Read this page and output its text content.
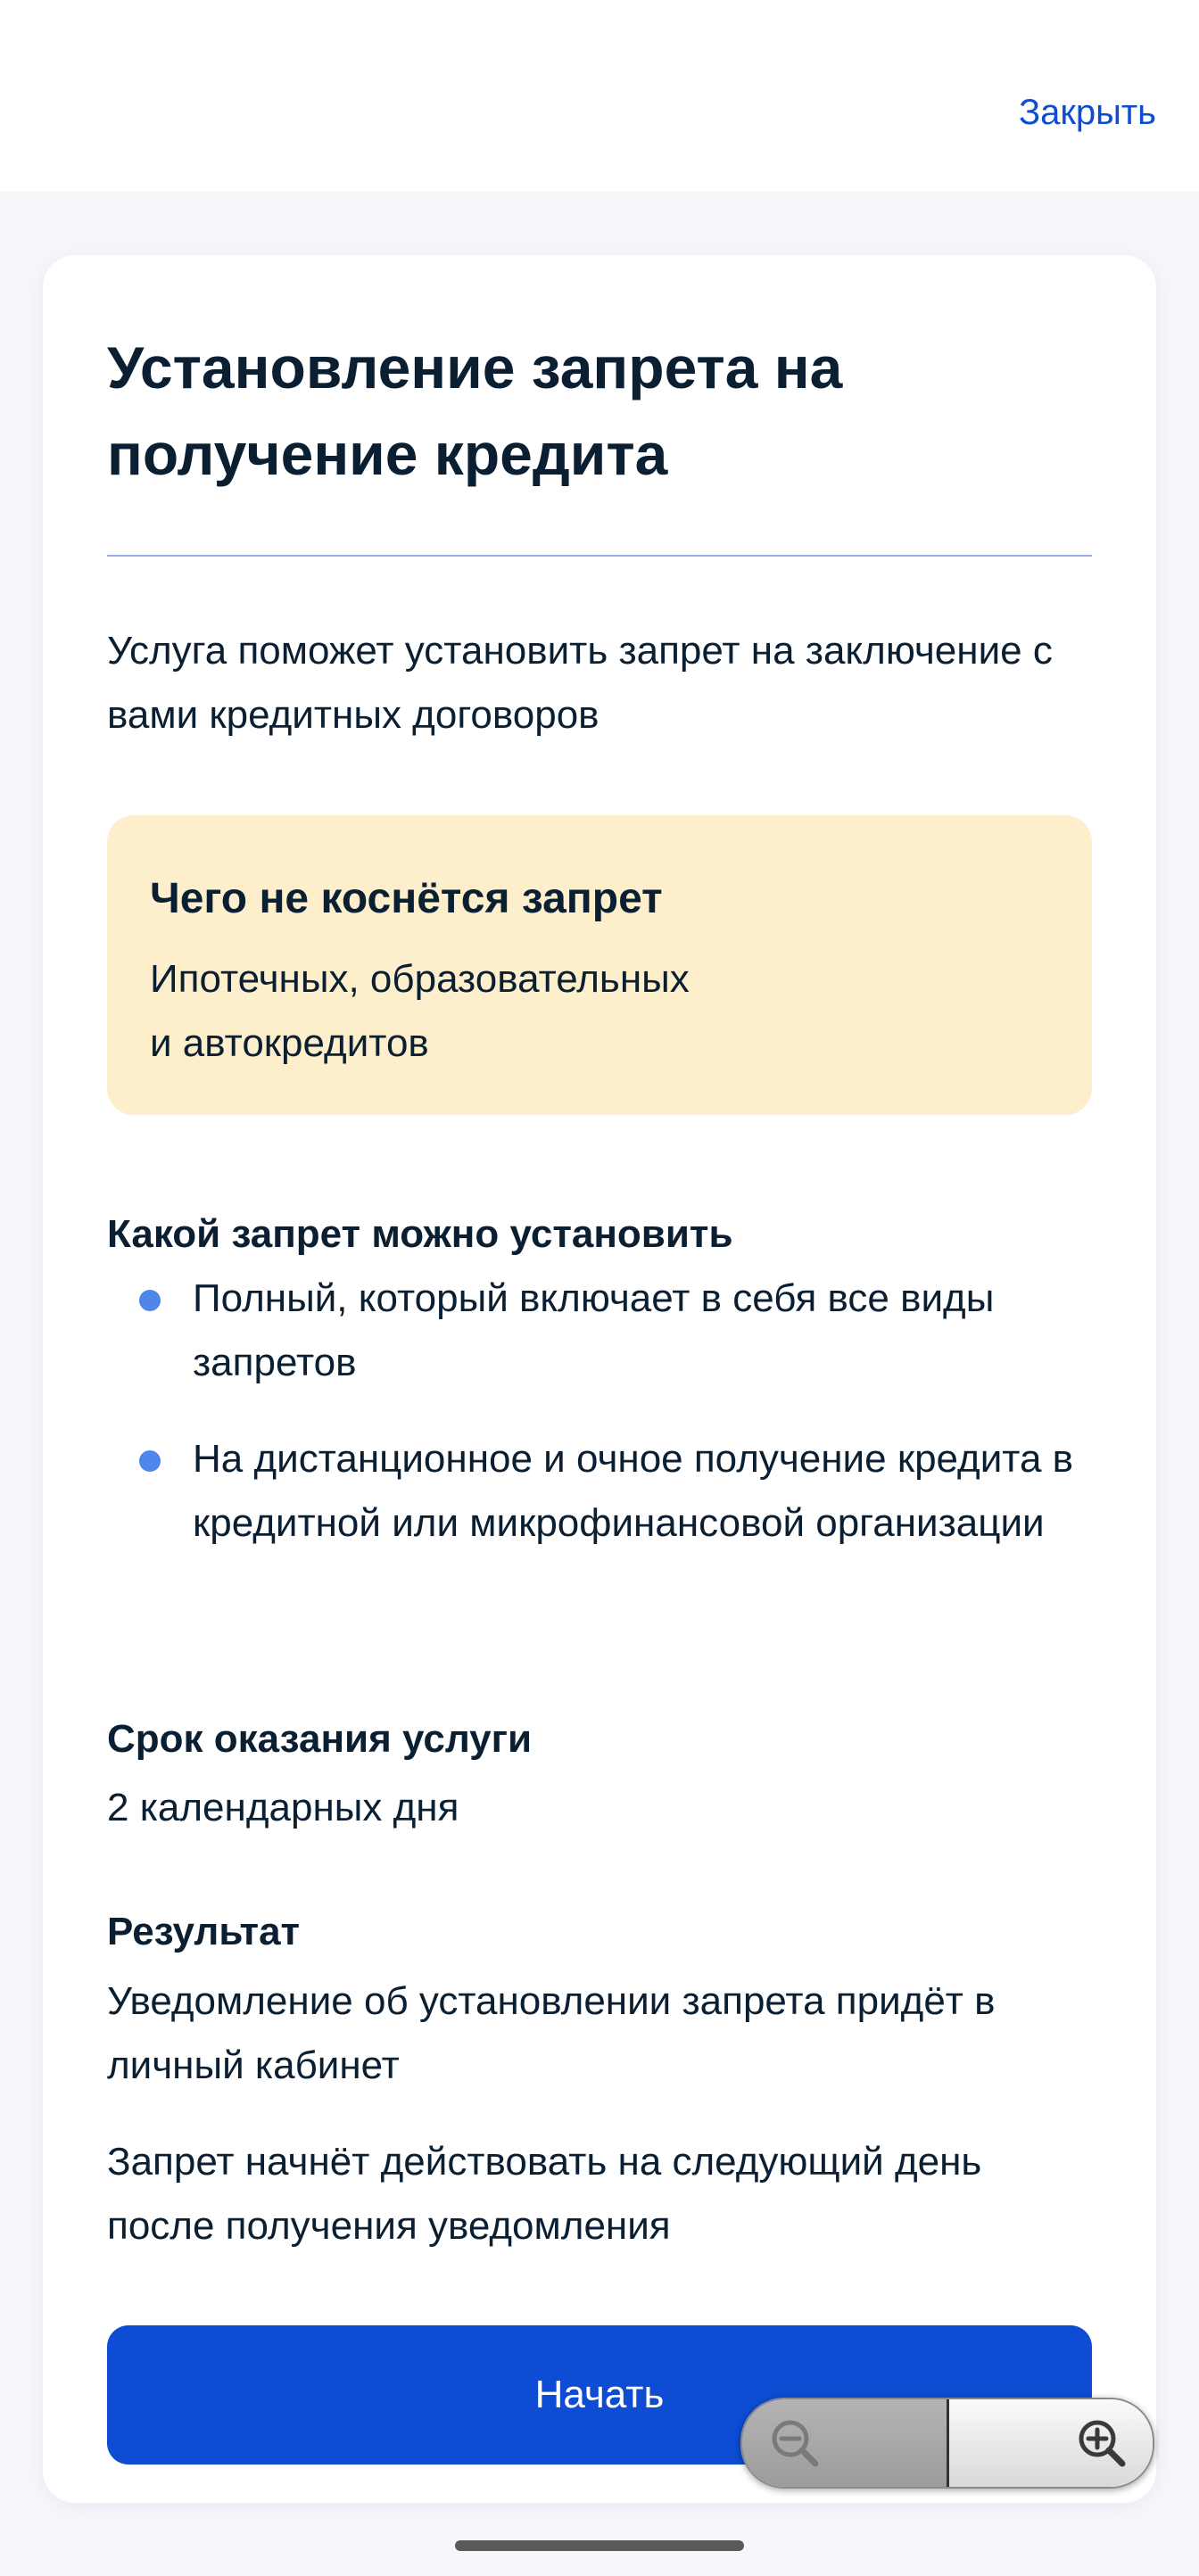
Закрыть
Установление запрета на получение кредита

Услуга поможет установить запрет на заключение с вами кредитных договоров

Чего не коснётся запрет

Ипотечных, образовательных
и автокредитов

Какой запрет можно установить
Полный, который включает в себя все виды запретов
На дистанционное и очное получение кредита в кредитной или микрофинансовой организации
Срок оказания услуги

2 календарных дня

Результат

Уведомление об установлении запрета придёт в личный кабинет

Запрет начнёт действовать на следующий день после получения уведомления

Начать
